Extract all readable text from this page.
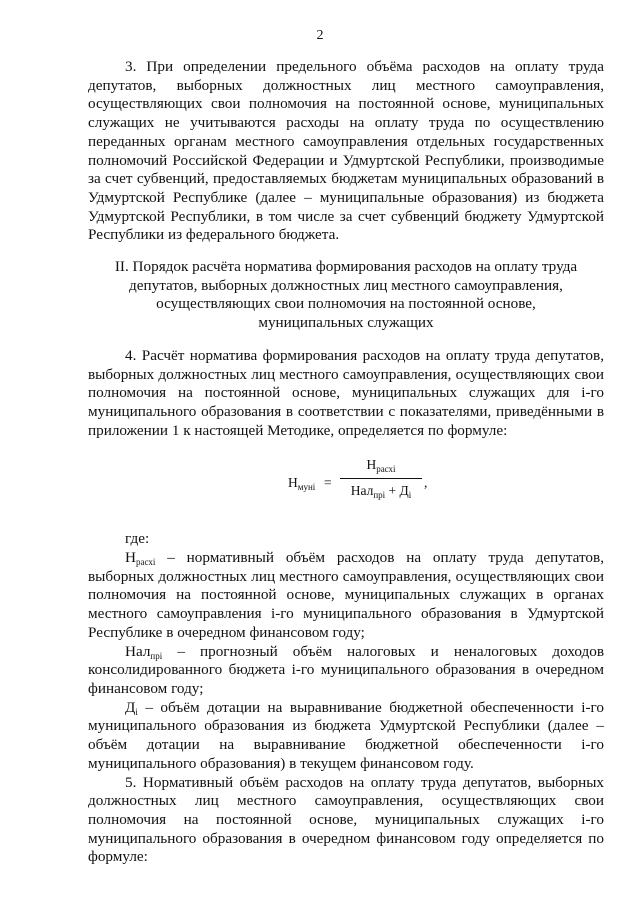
2

3. При определении предельного объёма расходов на оплату труда депутатов, выборных должностных лиц местного самоуправления, осуществляющих свои полномочия на постоянной основе, муниципальных служащих не учитываются расходы на оплату труда по осуществлению переданных органам местного самоуправления отдельных государственных полномочий Российской Федерации и Удмуртской Республики, производимые за счет субвенций, предоставляемых бюджетам муниципальных образований в Удмуртской Республике (далее – муниципальные образования) из бюджета Удмуртской Республики, в том числе за счет субвенций бюджету Удмуртской Республики из федерального бюджета.

II. Порядок расчёта норматива формирования расходов на оплату труда
депутатов, выборных должностных лиц местного самоуправления,
осуществляющих свои полномочия на постоянной основе,
муниципальных служащих

4. Расчёт норматива формирования расходов на оплату труда депутатов, выборных должностных лиц местного самоуправления, осуществляющих свои полномочия на постоянной основе, муниципальных служащих для i-го муниципального образования в соответствии с показателями, приведёнными в приложении 1 к настоящей Методике, определяется по формуле:

$Н_{мунi}$ =
$Н_{расхi}$
$Нал_{прi} + Д_i$
,

где:

$Н_{расхi}$ – нормативный объём расходов на оплату труда депутатов, выборных должностных лиц местного самоуправления, осуществляющих свои полномочия на постоянной основе, муниципальных служащих в органах местного самоуправления i-го муниципального образования в Удмуртской Республике в очередном финансовом году;

Нал$_{прi}$ – прогнозный объём налоговых и неналоговых доходов консолидированного бюджета i-го муниципального образования в очередном финансовом году;

$Д_i$ – объём дотации на выравнивание бюджетной обеспеченности i-го муниципального образования из бюджета Удмуртской Республики (далее – объём дотации на выравнивание бюджетной обеспеченности i-го муниципального образования) в текущем финансовом году.

5. Нормативный объём расходов на оплату труда депутатов, выборных должностных лиц местного самоуправления, осуществляющих свои полномочия на постоянной основе, муниципальных служащих i-го муниципального образования в очередном финансовом году определяется по формуле:
